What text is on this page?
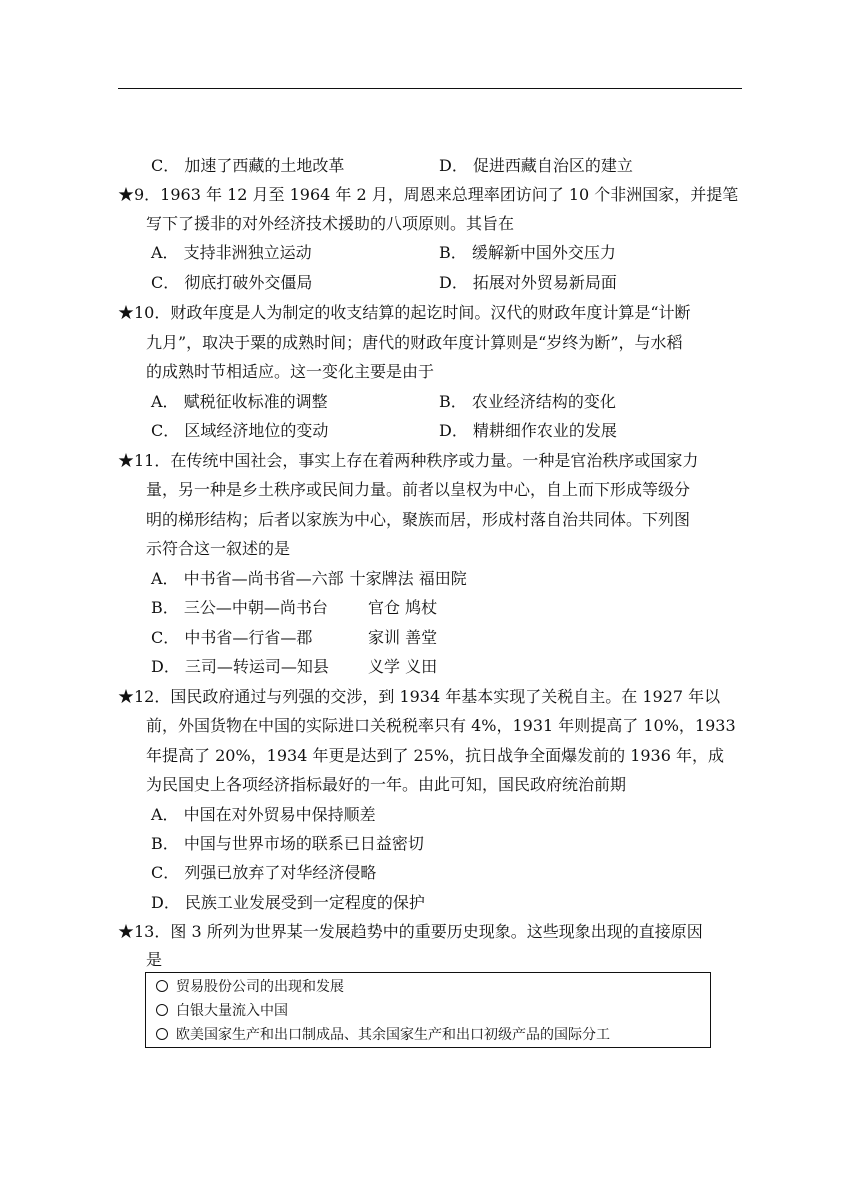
C． 加速了西藏的土地改革	D． 促进西藏自治区的建立
★9．1963 年 12 月至 1964 年 2 月，周恩来总理率团访问了 10 个非洲国家，并提笔
写下了援非的对外经济技术援助的八项原则。其旨在
A． 支持非洲独立运动	B． 缓解新中国外交压力
C． 彻底打破外交僵局	D． 拓展对外贸易新局面
★10．财政年度是人为制定的收支结算的起讫时间。汉代的财政年度计算是“计断
九月”，取决于粟的成熟时间；唐代的财政年度计算则是“岁终为断”，与水稻
的成熟时节相适应。这一变化主要是由于
A． 赋税征收标准的调整	B． 农业经济结构的变化
C． 区域经济地位的变动	D． 精耕细作农业的发展
★11．在传统中国社会，事实上存在着两种秩序或力量。一种是官治秩序或国家力
量，另一种是乡土秩序或民间力量。前者以皇权为中心，自上而下形成等级分
明的梯形结构；后者以家族为中心，聚族而居，形成村落自治共同体。下列图
示符合这一叙述的是
A． 中书省—尚书省—六部 十家牌法 福田院
B． 三公—中朝—尚书台	官仓 鸠杖
C． 中书省—行省—郡	家训 善堂
D． 三司—转运司—知县 义学 义田
★12．国民政府通过与列强的交涉，到 1934 年基本实现了关税自主。在 1927 年以
前，外国货物在中国的实际进口关税税率只有 4%，1931 年则提高了 10%，1933
年提高了 20%，1934 年更是达到了 25%，抗日战争全面爆发前的 1936 年，成
为民国史上各项经济指标最好的一年。由此可知，国民政府统治前期
A． 中国在对外贸易中保持顺差
B． 中国与世界市场的联系已日益密切
C． 列强已放弃了对华经济侵略
D． 民族工业发展受到一定程度的保护
★13．图 3 所列为世界某一发展趋势中的重要历史现象。这些现象出现的直接原因
是
贸易股份公司的出现和发展
白银大量流入中国
欧美国家生产和出口制成品、其余国家生产和出口初级产品的国际分工
